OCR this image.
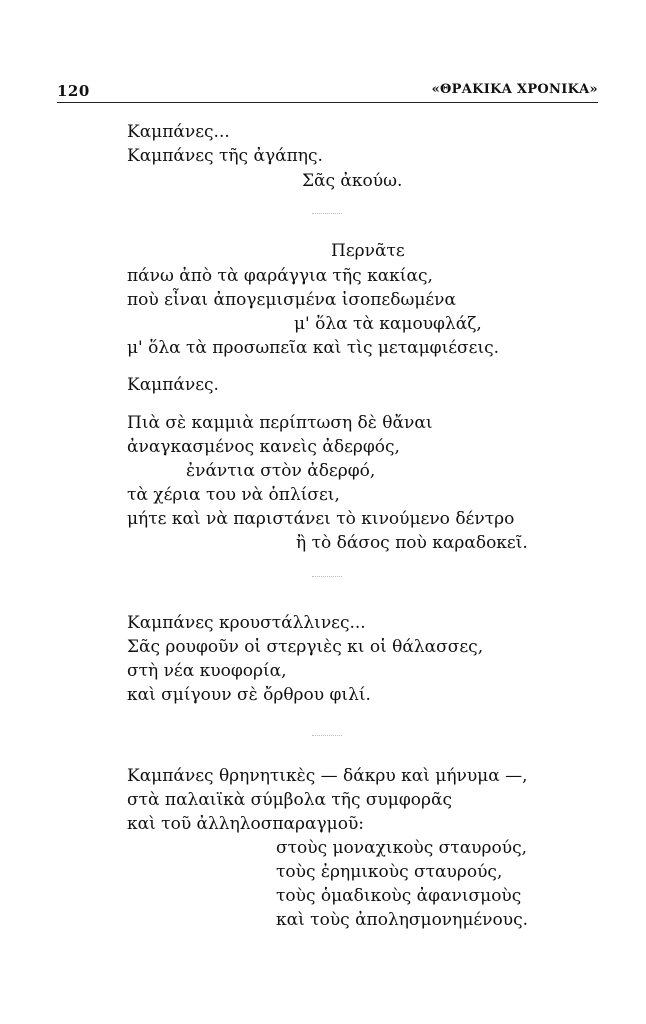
120	«ΘΡΑΚΙΚΑ ΧΡΟΝΙΚΑ»
Καμπάνες...
Καμπάνες τῆς ἀγάπης.
Σᾶς ἀκούω.
Περνᾶτε
πάνω ἀπὸ τὰ φαράγγια τῆς κακίας,
ποὺ εἶναι ἀπογεμισμένα ἰσοπεδωμένα
μ' ὅλα τὰ καμουφλάζ,
μ' ὅλα τὰ προσωπεῖα καὶ τὶς μεταμφιέσεις.
Καμπάνες.
Πιὰ σὲ καμμιὰ περίπτωση δὲ θἄναι
ἀναγκασμένος κανεὶς ἀδερφός,
ἐνάντια στὸν ἀδερφό,
τὰ χέρια του νὰ ὁπλίσει,
μήτε καὶ νὰ παριστάνει τὸ κινούμενο δέντρο
ἢ τὸ δάσος ποὺ καραδοκεῖ.
Καμπάνες κρουστάλλινες...
Σᾶς ρουφοῦν οἱ στεργιὲς κι οἱ θάλασσες,
στὴ νέα κυοφορία,
καὶ σμίγουν σὲ ὄρθρου φιλί.
Καμπάνες θρηνητικὲς — δάκρυ καὶ μήνυμα —,
στὰ παλαιϊκὰ σύμβολα τῆς συμφορᾶς
καὶ τοῦ ἀλληλοσπαραγμοῦ:
στοὺς μοναχικοὺς σταυρούς,
τοὺς ἐρημικοὺς σταυρούς,
τοὺς ὁμαδικοὺς ἀφανισμοὺς
καὶ τοὺς ἀπολησμονημένους.
